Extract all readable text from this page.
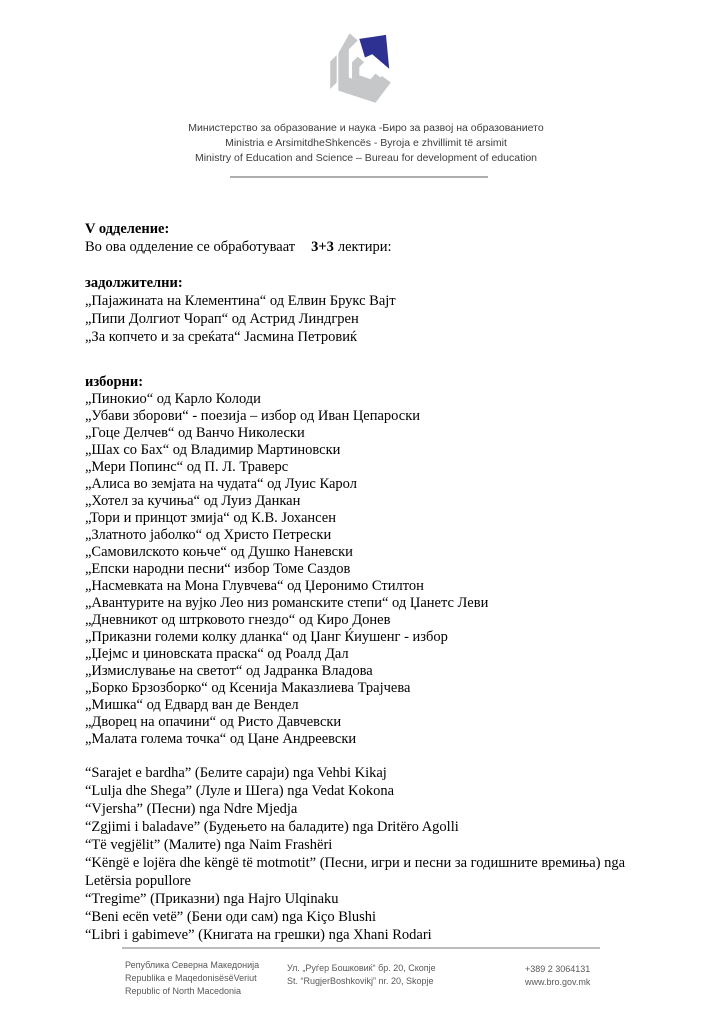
Министерство за образование и наука -Биро за развој на образованието
Ministria e ArsimitdheShkencës - Byroja e zhvillimit të arsimit
Ministry of Education and Science – Bureau for development of education
V одделение:
Во ова одделение се обработуваат 3+3 лектири:
задолжителни:
„Пајажината на Клементина“ од Елвин Брукс Вајт
„Пипи Долгиот Чорап“ од Астрид Линдгрен
„За копчето и за среќата“ Јасмина Петровиќ
изборни:
„Пинокио“ од Карло Колоди
„Убави зборови“ - поезија – избор од Иван Цепароски
„Гоце Делчев“ од Ванчо Николески
„Шах со Бах“ од Владимир Мартиновски
„Мери Попинс“ од П. Л. Траверс
„Алиса во земјата на чудата“ од Луис Карол
„Хотел за кучиња“ од Луиз Данкан
„Тори и принцот змија“ од К.В. Јохансен
„Златното јаболко“ од Христо Петрески
„Самовилското коњче“ од Душко Наневски
„Епски народни песни“ избор Томе Саздов
„Насмевката на Мона Глувчева“ од Џеронимо Стилтон
„Авантурите на вујко Лео низ романските степи“ од Џанетс Леви
„Дневникот од штрковото гнездо“ од Киро Донев
„Приказни големи колку дланка“ од Џанг Ќиушенг - избор
„Џејмс и џиновската праска“ од Роалд Дал
„Измислување на светот“ од Јадранка Владова
„Борко Брзозборко“ од Ксенија Маказлиева Трајчева
„Мишка“ од Едвард ван де Вендел
„Дворец на опачини“ од Ристо Давчевски
„Малата голема точка“ од Цане Андреевски
“Sarajet e bardha” (Белите сараји) nga Vehbi Kikaj
“Lulja dhe Shega” (Луле и Шега) nga Vedat Kokona
“Vjersha” (Песни) nga Ndre Mjedja
“Zgjimi i baladave” (Будењето на баладите) nga Dritëro Agolli
“Të vegjëlit” (Малите) nga Naim Frashëri
“Këngë e lojëra dhe këngë të motmotit” (Песни, игри и песни за годишните времиња) nga Letërsia popullore
“Tregime” (Приказни) nga Hajro Ulqinaku
“Beni ecën vetë” (Бени оди сам) nga Kiço Blushi
“Libri i gabimeve” (Книгата на грешки) nga Xhani Rodari
Република Северна Македонија
Republika e MaqedonisësëVeriut
Republic of North Macedonia
Ул. „Руѓер Бошковиќ“ бр. 20, Скопје
St. “RugjerBoshkovikj” nr. 20, Skopje
+389 2 3064131
www.bro.gov.mk
